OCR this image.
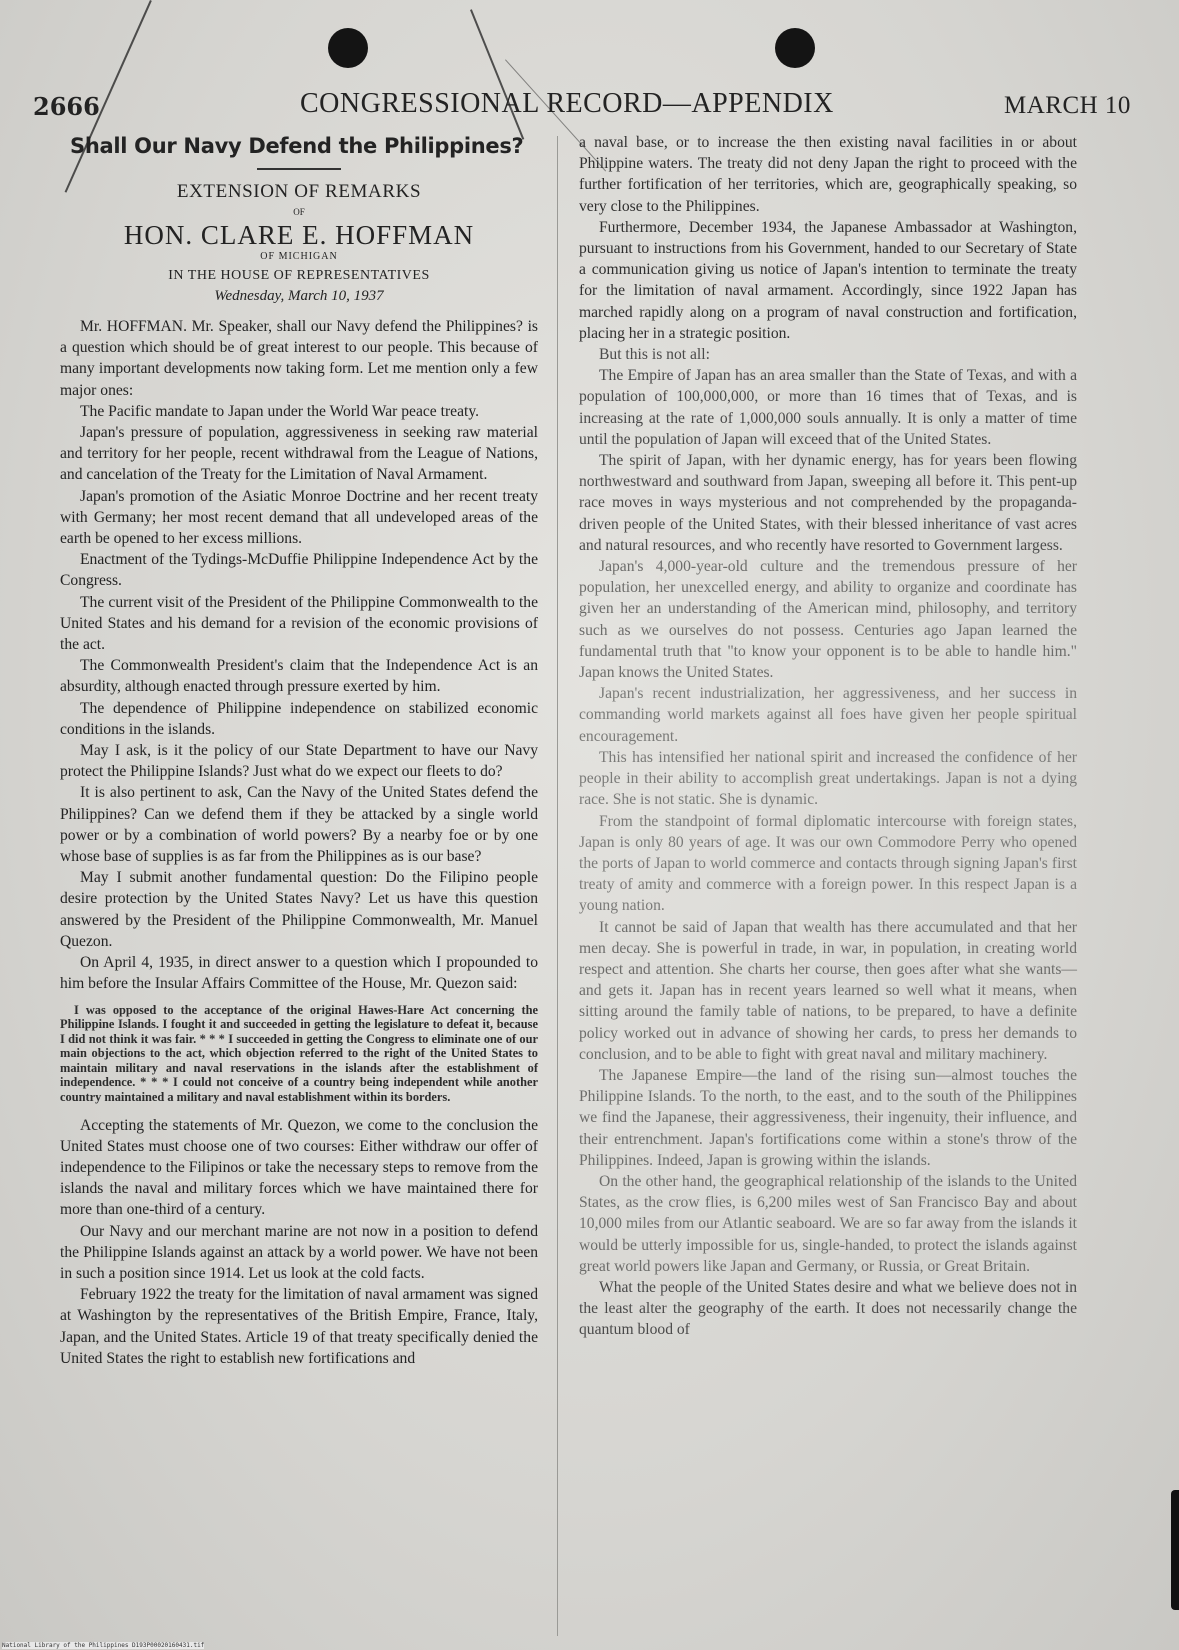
2666	CONGRESSIONAL RECORD—APPENDIX	MARCH 10
Shall Our Navy Defend the Philippines?
EXTENSION OF REMARKS
OF
HON. CLARE E. HOFFMAN
OF MICHIGAN
IN THE HOUSE OF REPRESENTATIVES
Wednesday, March 10, 1937

Mr. HOFFMAN. Mr. Speaker, shall our Navy defend the Philippines? is a question which should be of great interest to our people. This because of many important developments now taking form. Let me mention only a few major ones:

The Pacific mandate to Japan under the World War peace treaty.

Japan's pressure of population, aggressiveness in seeking raw material and territory for her people, recent withdrawal from the League of Nations, and cancelation of the Treaty for the Limitation of Naval Armament.

Japan's promotion of the Asiatic Monroe Doctrine and her recent treaty with Germany; her most recent demand that all undeveloped areas of the earth be opened to her excess millions.

Enactment of the Tydings-McDuffie Philippine Independence Act by the Congress.

The current visit of the President of the Philippine Commonwealth to the United States and his demand for a revision of the economic provisions of the act.

The Commonwealth President's claim that the Independence Act is an absurdity, although enacted through pressure exerted by him.

The dependence of Philippine independence on stabilized economic conditions in the islands.

May I ask, is it the policy of our State Department to have our Navy protect the Philippine Islands? Just what do we expect our fleets to do?

It is also pertinent to ask, Can the Navy of the United States defend the Philippines? Can we defend them if they be attacked by a single world power or by a combination of world powers? By a nearby foe or by one whose base of supplies is as far from the Philippines as is our base?

May I submit another fundamental question: Do the Filipino people desire protection by the United States Navy? Let us have this question answered by the President of the Philippine Commonwealth, Mr. Manuel Quezon.

On April 4, 1935, in direct answer to a question which I propounded to him before the Insular Affairs Committee of the House, Mr. Quezon said:

I was opposed to the acceptance of the original Hawes-Hare Act concerning the Philippine Islands. I fought it and succeeded in getting the legislature to defeat it, because I did not think it was fair. * * * I succeeded in getting the Congress to eliminate one of our main objections to the act, which objection referred to the right of the United States to maintain military and naval reservations in the islands after the establishment of independence. * * * I could not conceive of a country being independent while another country maintained a military and naval establishment within its borders.

Accepting the statements of Mr. Quezon, we come to the conclusion the United States must choose one of two courses: Either withdraw our offer of independence to the Filipinos or take the necessary steps to remove from the islands the naval and military forces which we have maintained there for more than one-third of a century.

Our Navy and our merchant marine are not now in a position to defend the Philippine Islands against an attack by a world power. We have not been in such a position since 1914. Let us look at the cold facts.

February 1922 the treaty for the limitation of naval armament was signed at Washington by the representatives of the British Empire, France, Italy, Japan, and the United States. Article 19 of that treaty specifically denied the United States the right to establish new fortifications and

a naval base, or to increase the then existing naval facilities in or about Philippine waters. The treaty did not deny Japan the right to proceed with the further fortification of her territories, which are, geographically speaking, so very close to the Philippines.

Furthermore, December 1934, the Japanese Ambassador at Washington, pursuant to instructions from his Government, handed to our Secretary of State a communication giving us notice of Japan's intention to terminate the treaty for the limitation of naval armament. Accordingly, since 1922 Japan has marched rapidly along on a program of naval construction and fortification, placing her in a strategic position.

But this is not all:

The Empire of Japan has an area smaller than the State of Texas, and with a population of 100,000,000, or more than 16 times that of Texas, and is increasing at the rate of 1,000,000 souls annually. It is only a matter of time until the population of Japan will exceed that of the United States.

The spirit of Japan, with her dynamic energy, has for years been flowing northwestward and southward from Japan, sweeping all before it. This pent-up race moves in ways mysterious and not comprehended by the propaganda-driven people of the United States, with their blessed inheritance of vast acres and natural resources, and who recently have resorted to Government largess.

Japan's 4,000-year-old culture and the tremendous pressure of her population, her unexcelled energy, and ability to organize and coordinate has given her an understanding of the American mind, philosophy, and territory such as we ourselves do not possess. Centuries ago Japan learned the fundamental truth that "to know your opponent is to be able to handle him." Japan knows the United States.

Japan's recent industrialization, her aggressiveness, and her success in commanding world markets against all foes have given her people spiritual encouragement.

This has intensified her national spirit and increased the confidence of her people in their ability to accomplish great undertakings. Japan is not a dying race. She is not static. She is dynamic.

From the standpoint of formal diplomatic intercourse with foreign states, Japan is only 80 years of age. It was our own Commodore Perry who opened the ports of Japan to world commerce and contacts through signing Japan's first treaty of amity and commerce with a foreign power. In this respect Japan is a young nation.

It cannot be said of Japan that wealth has there accumulated and that her men decay. She is powerful in trade, in war, in population, in creating world respect and attention. She charts her course, then goes after what she wants—and gets it. Japan has in recent years learned so well what it means, when sitting around the family table of nations, to be prepared, to have a definite policy worked out in advance of showing her cards, to press her demands to conclusion, and to be able to fight with great naval and military machinery.

The Japanese Empire—the land of the rising sun—almost touches the Philippine Islands. To the north, to the east, and to the south of the Philippines we find the Japanese, their aggressiveness, their ingenuity, their influence, and their entrenchment. Japan's fortifications come within a stone's throw of the Philippines. Indeed, Japan is growing within the islands.

On the other hand, the geographical relationship of the islands to the United States, as the crow flies, is 6,200 miles west of San Francisco Bay and about 10,000 miles from our Atlantic seaboard. We are so far away from the islands it would be utterly impossible for us, single-handed, to protect the islands against great world powers like Japan and Germany, or Russia, or Great Britain.

What the people of the United States desire and what we believe does not in the least alter the geography of the earth. It does not necessarily change the quantum blood of

National Library of the Philippines D193P00020160431.tif
